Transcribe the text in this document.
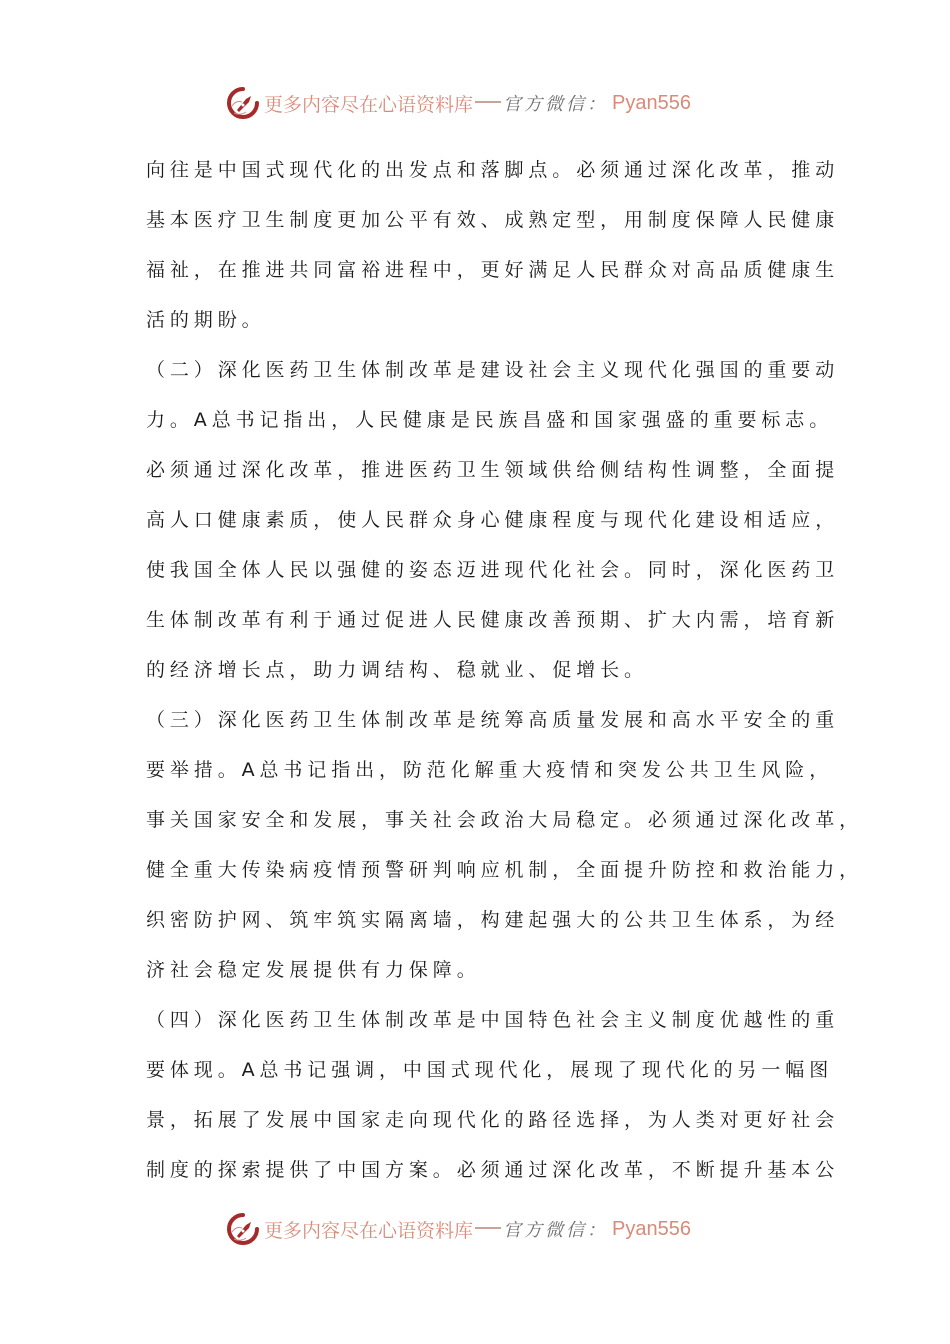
更多内容尽在心语资料库 官方微信： Pyan556
向往是中国式现代化的出发点和落脚点。必须通过深化改革，推动
基本医疗卫生制度更加公平有效、成熟定型，用制度保障人民健康
福祉，在推进共同富裕进程中，更好满足人民群众对高品质健康生
活的期盼。
（二）深化医药卫生体制改革是建设社会主义现代化强国的重要动
力。A总书记指出，人民健康是民族昌盛和国家强盛的重要标志。
必须通过深化改革，推进医药卫生领域供给侧结构性调整，全面提
高人口健康素质，使人民群众身心健康程度与现代化建设相适应，
使我国全体人民以强健的姿态迈进现代化社会。同时，深化医药卫
生体制改革有利于通过促进人民健康改善预期、扩大内需，培育新
的经济增长点，助力调结构、稳就业、促增长。
（三）深化医药卫生体制改革是统筹高质量发展和高水平安全的重
要举措。A总书记指出，防范化解重大疫情和突发公共卫生风险，
事关国家安全和发展，事关社会政治大局稳定。必须通过深化改革，
健全重大传染病疫情预警研判响应机制，全面提升防控和救治能力，
织密防护网、筑牢筑实隔离墙，构建起强大的公共卫生体系，为经
济社会稳定发展提供有力保障。
（四）深化医药卫生体制改革是中国特色社会主义制度优越性的重
要体现。A总书记强调，中国式现代化，展现了现代化的另一幅图
景，拓展了发展中国家走向现代化的路径选择，为人类对更好社会
制度的探索提供了中国方案。必须通过深化改革，不断提升基本公
更多内容尽在心语资料库 官方微信： Pyan556
